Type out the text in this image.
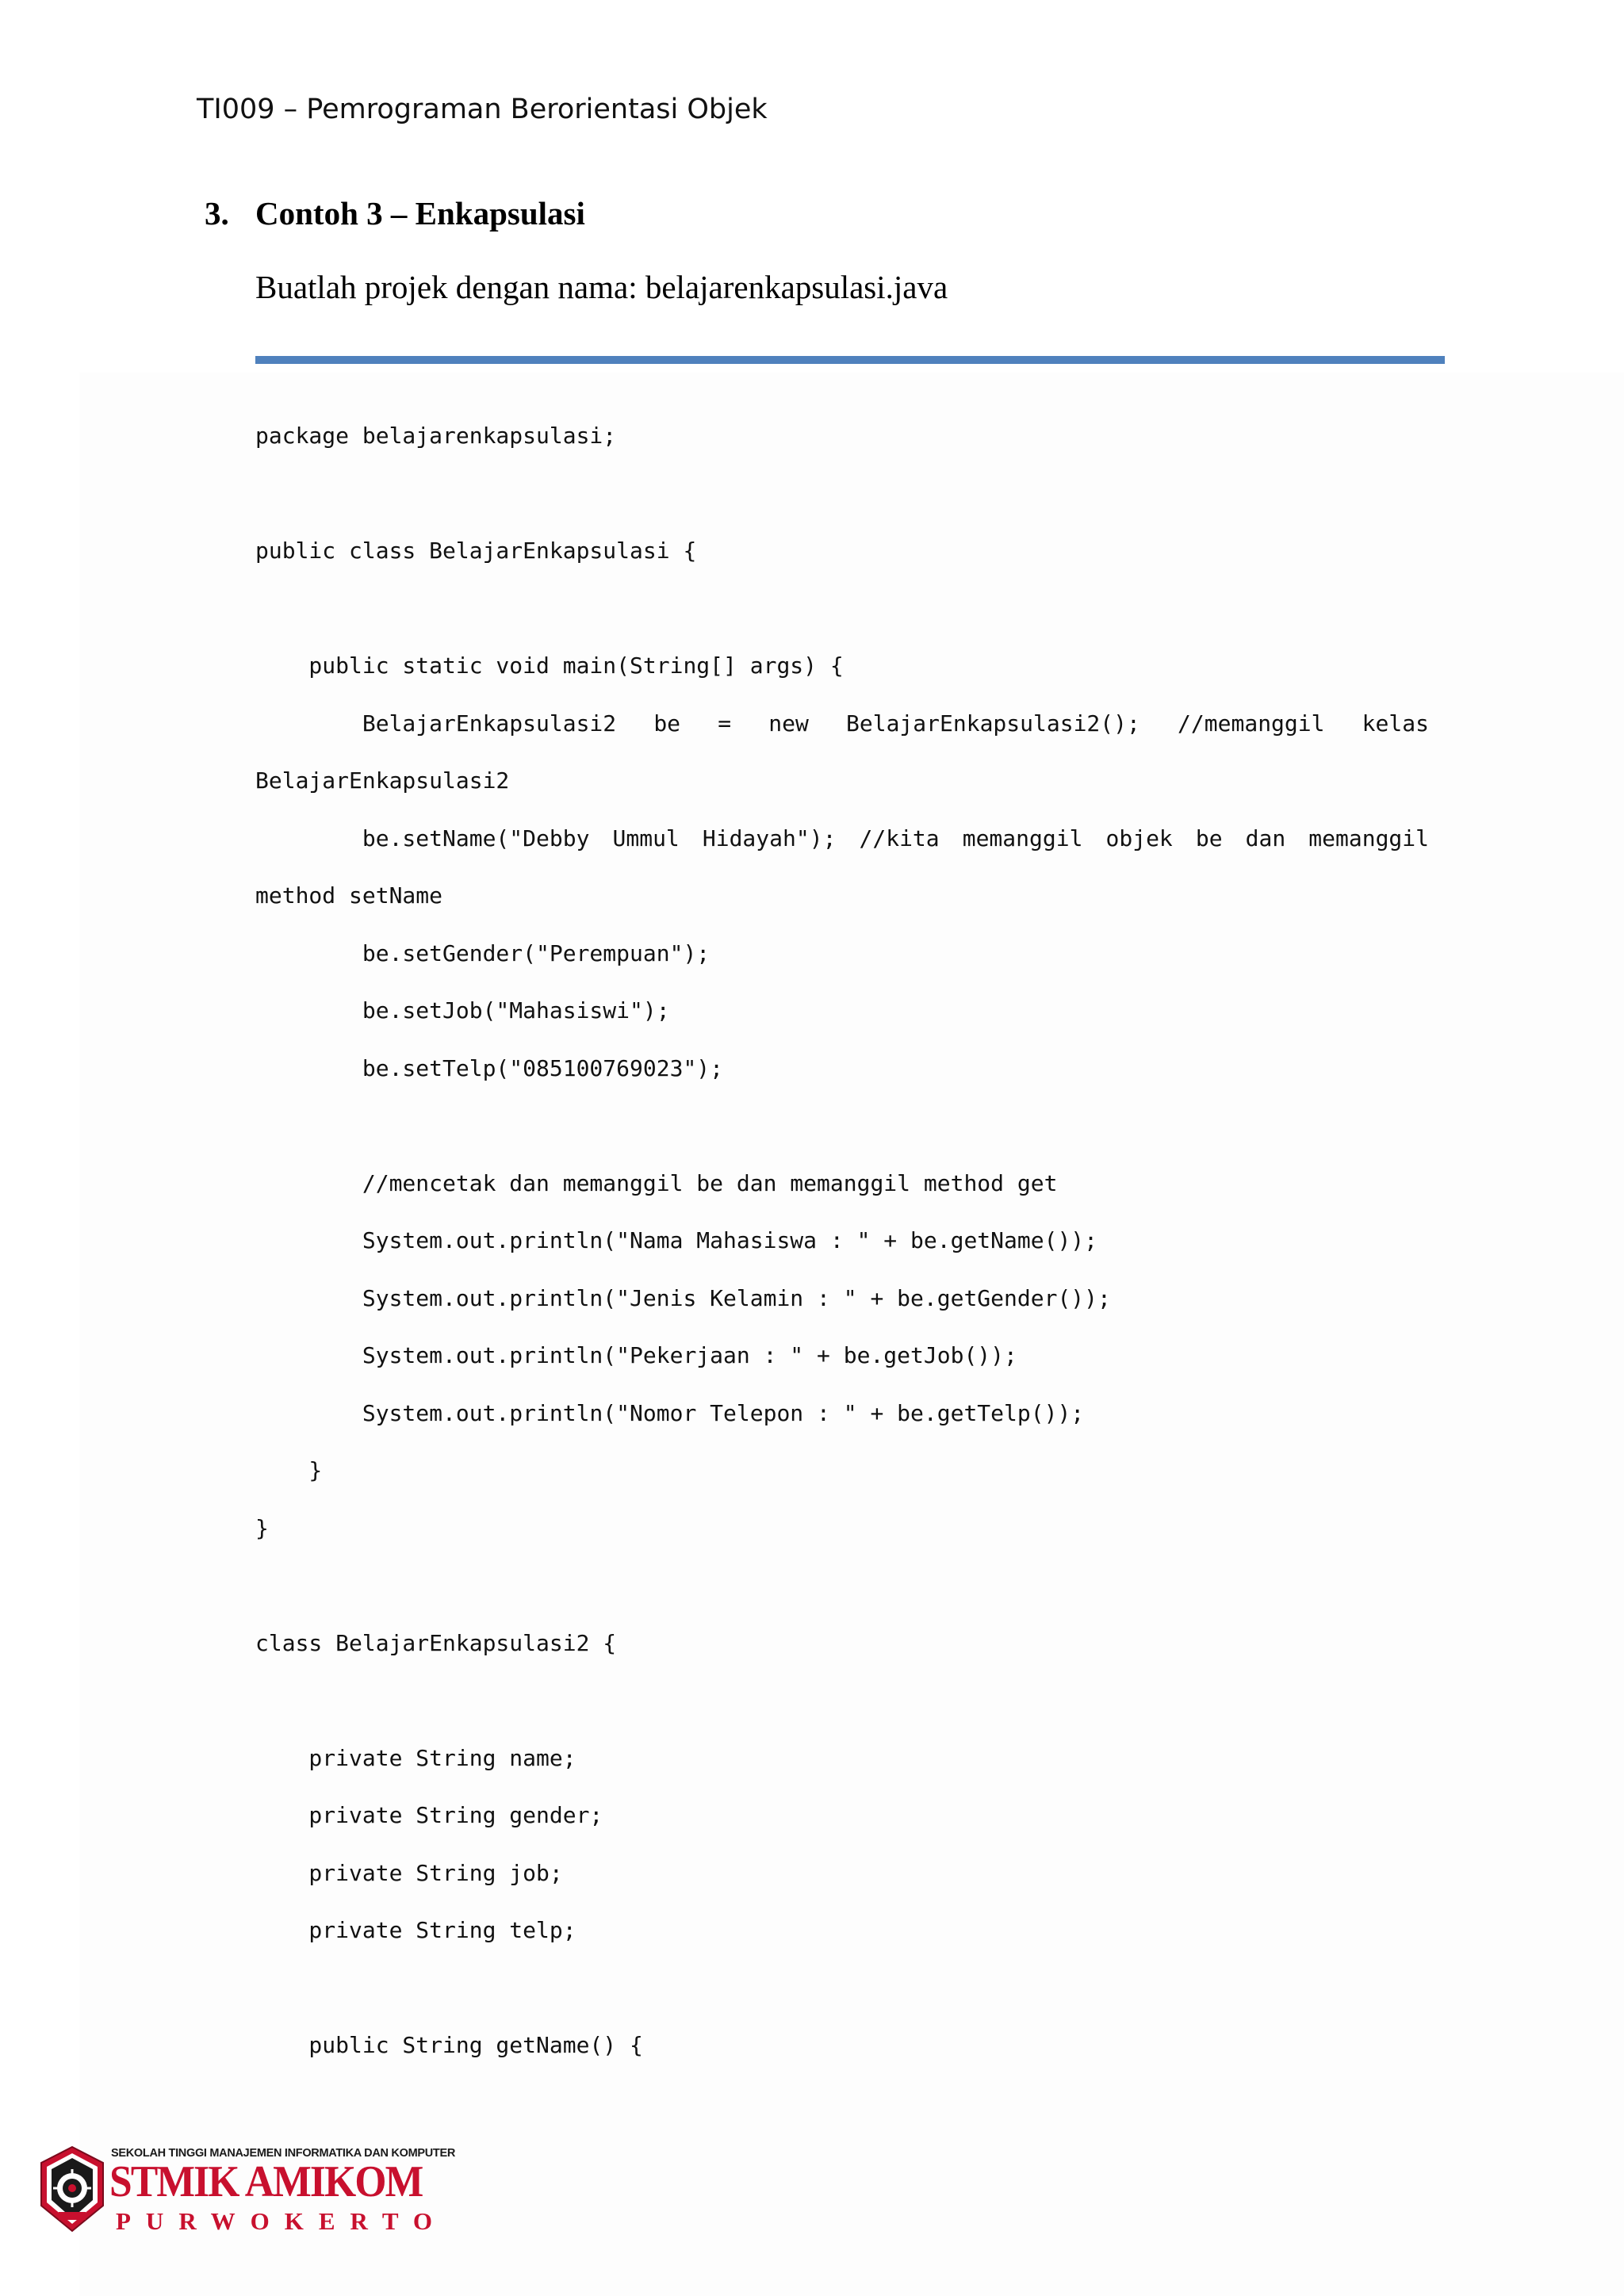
TI009 – Pemrograman Berorientasi Objek
3. Contoh 3 – Enkapsulasi
Buatlah projek dengan nama: belajarenkapsulasi.java
package belajarenkapsulasi;

public class BelajarEnkapsulasi {

public static void main(String[] args) {
BelajarEnkapsulasi2 be = new BelajarEnkapsulasi2(); //memanggil kelas
BelajarEnkapsulasi2
be.setName("Debby Ummul Hidayah"); //kita memanggil objek be dan memanggil
method setName
be.setGender("Perempuan");
be.setJob("Mahasiswi");
be.setTelp("085100769023");

//mencetak dan memanggil be dan memanggil method get
System.out.println("Nama Mahasiswa : " + be.getName());
System.out.println("Jenis Kelamin : " + be.getGender());
System.out.println("Pekerjaan : " + be.getJob());
System.out.println("Nomor Telepon : " + be.getTelp());
}
}

class BelajarEnkapsulasi2 {

private String name;
private String gender;
private String job;
private String telp;

public String getName() {
SEKOLAH TINGGI MANAJEMEN INFORMATIKA DAN KOMPUTER
STMIK AMIKOM
PURWOKERTO
